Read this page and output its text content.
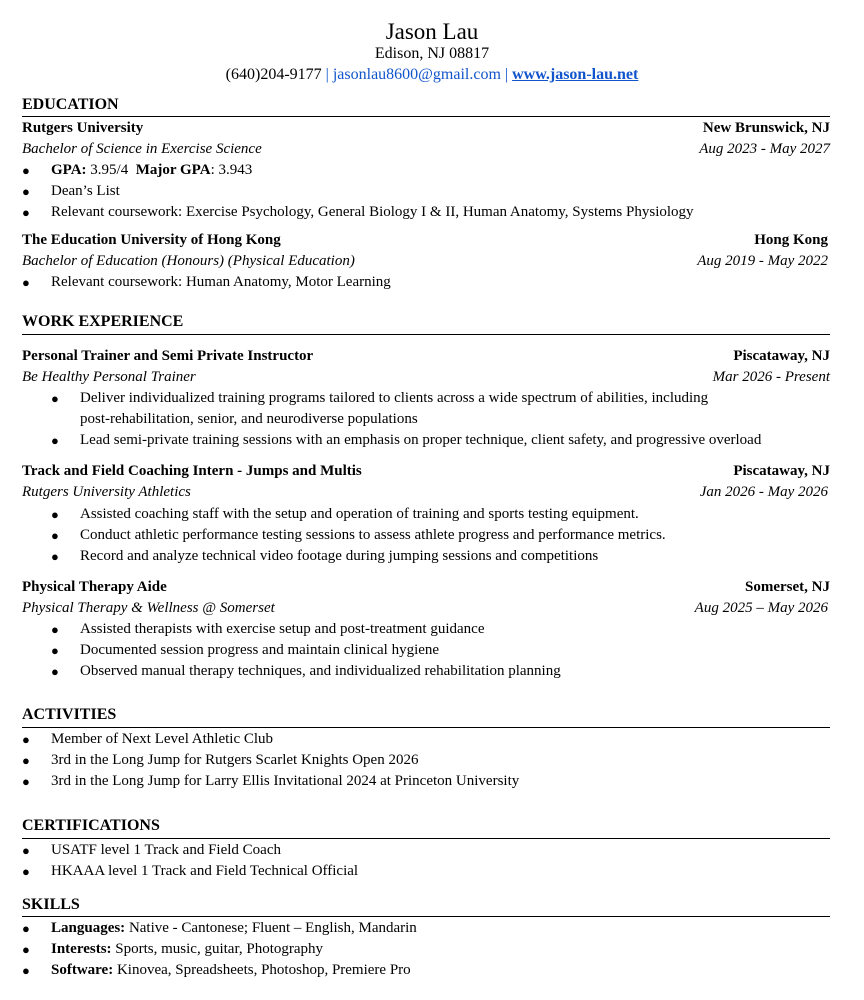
Jason Lau
Edison, NJ 08817
(640)204-9177 | jasonlau8600@gmail.com | www.jason-lau.net
EDUCATION
Rutgers University	New Brunswick, NJ
Bachelor of Science in Exercise Science	Aug 2023 - May 2027
● GPA: 3.95/4 Major GPA: 3.943
● Dean’s List
● Relevant coursework: Exercise Psychology, General Biology I & II, Human Anatomy, Systems Physiology
The Education University of Hong Kong	Hong Kong
Bachelor of Education (Honours) (Physical Education)	Aug 2019 - May 2022
● Relevant coursework: Human Anatomy, Motor Learning
WORK EXPERIENCE
Personal Trainer and Semi Private Instructor	Piscataway, NJ
Be Healthy Personal Trainer	Mar 2026 - Present
● Deliver individualized training programs tailored to clients across a wide spectrum of abilities, including
post-rehabilitation, senior, and neurodiverse populations
● Lead semi-private training sessions with an emphasis on proper technique, client safety, and progressive overload
Track and Field Coaching Intern - Jumps and Multis	Piscataway, NJ
Rutgers University Athletics	Jan 2026 - May 2026
● Assisted coaching staff with the setup and operation of training and sports testing equipment.
● Conduct athletic performance testing sessions to assess athlete progress and performance metrics.
● Record and analyze technical video footage during jumping sessions and competitions
Physical Therapy Aide	Somerset, NJ
Physical Therapy & Wellness @ Somerset	Aug 2025 – May 2026
● Assisted therapists with exercise setup and post-treatment guidance
● Documented session progress and maintain clinical hygiene
● Observed manual therapy techniques, and individualized rehabilitation planning
ACTIVITIES
● Member of Next Level Athletic Club
● 3rd in the Long Jump for Rutgers Scarlet Knights Open 2026
● 3rd in the Long Jump for Larry Ellis Invitational 2024 at Princeton University
CERTIFICATIONS
● USATF level 1 Track and Field Coach
● HKAAA level 1 Track and Field Technical Official
SKILLS
● Languages: Native - Cantonese; Fluent – English, Mandarin
● Interests: Sports, music, guitar, Photography
● Software: Kinovea, Spreadsheets, Photoshop, Premiere Pro
